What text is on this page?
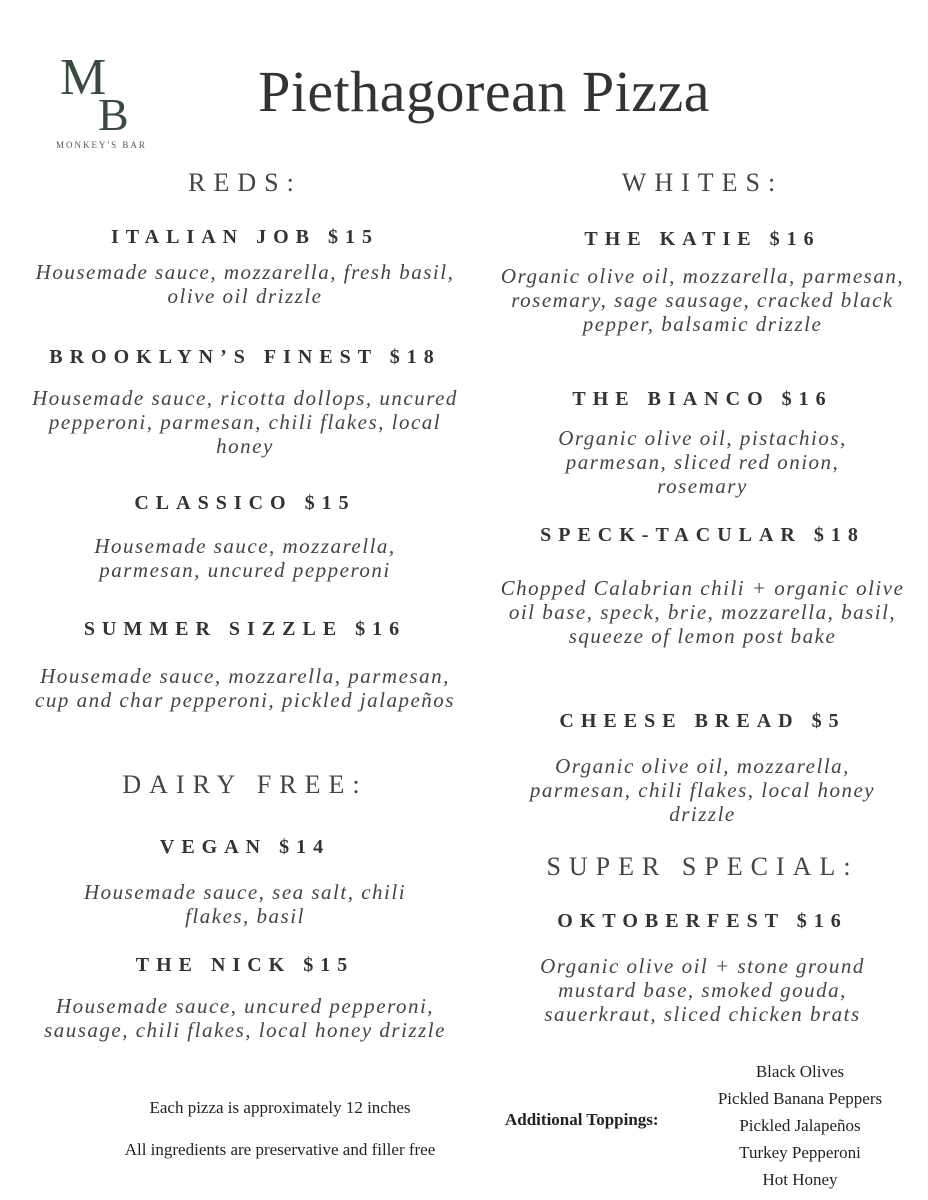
M
B
MONKEY'S BAR
Piethagorean Pizza

REDS:

ITALIAN JOB $15

Housemade sauce, mozzarella, fresh basil, olive oil drizzle

BROOKLYN’S FINEST $18

Housemade sauce, ricotta dollops, uncured pepperoni, parmesan, chili flakes, local honey

CLASSICO $15

Housemade sauce, mozzarella, parmesan, uncured pepperoni

SUMMER SIZZLE $16

Housemade sauce, mozzarella, parmesan, cup and char pepperoni, pickled jalapeños

DAIRY FREE:

VEGAN $14

Housemade sauce, sea salt, chili flakes, basil

THE NICK $15

Housemade sauce, uncured pepperoni, sausage, chili flakes, local honey drizzle

WHITES:

THE KATIE $16

Organic olive oil, mozzarella, parmesan, rosemary, sage sausage, cracked black pepper, balsamic drizzle

THE BIANCO $16

Organic olive oil, pistachios, parmesan, sliced red onion, rosemary

SPECK-TACULAR $18

Chopped Calabrian chili + organic olive oil base, speck, brie, mozzarella, basil, squeeze of lemon post bake

CHEESE BREAD $5

Organic olive oil, mozzarella, parmesan, chili flakes, local honey drizzle

SUPER SPECIAL:

OKTOBERFEST $16

Organic olive oil + stone ground mustard base, smoked gouda, sauerkraut, sliced chicken brats

Each pizza is approximately 12 inches
All ingredients are preservative and filler free
Additional Toppings:
Black Olives
Pickled Banana Peppers
Pickled Jalapeños
Turkey Pepperoni
Hot Honey
